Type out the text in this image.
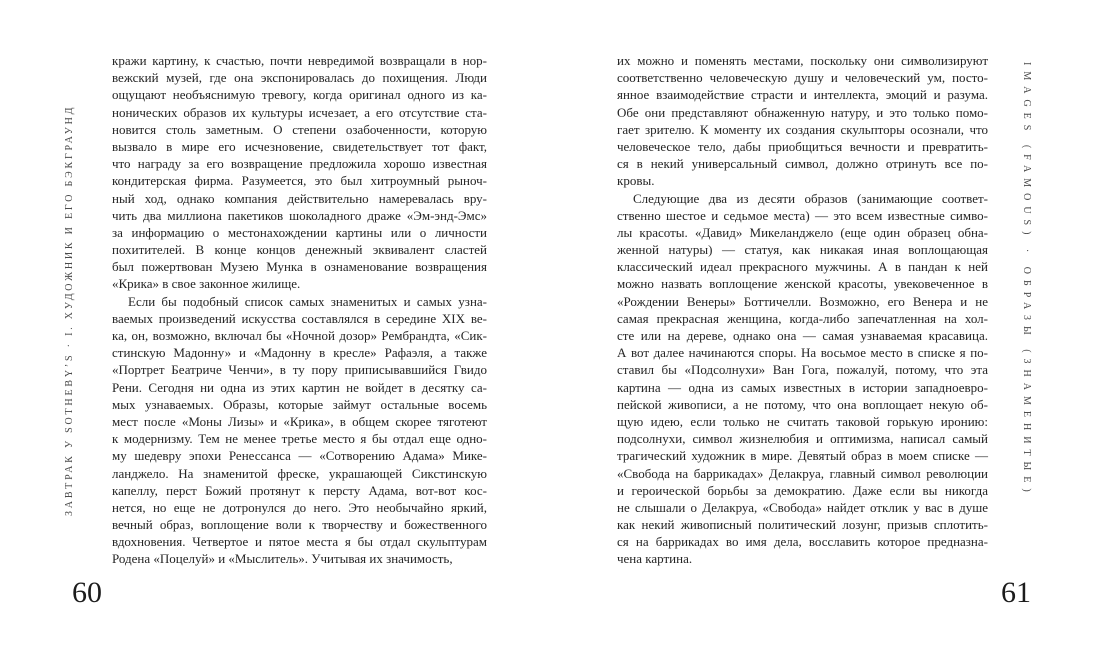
ЗАВТРАК У SOTHEBY’S · I. ХУДОЖНИК И ЕГО БЭКГРАУНД
кражи картину, к счастью, почти невредимой возвращали в нор-
вежский музей, где она экспонировалась до похищения. Люди
ощущают необъяснимую тревогу, когда оригинал одного из ка-
нонических образов их культуры исчезает, а его отсутствие ста-
новится столь заметным. О степени озабоченности, которую
вызвало в мире его исчезновение, свидетельствует тот факт,
что награду за его возвращение предложила хорошо известная
кондитерская фирма. Разумеется, это был хитроумный рыноч-
ный ход, однако компания действительно намеревалась вру-
чить два миллиона пакетиков шоколадного драже «Эм-энд-Эмс»
за информацию о местонахождении картины или о личности
похитителей. В конце концов денежный эквивалент сластей
был пожертвован Музею Мунка в ознаменование возвращения
«Крика» в свое законное жилище.
Если бы подобный список самых знаменитых и самых узна-
ваемых произведений искусства составлялся в середине XIX ве-
ка, он, возможно, включал бы «Ночной дозор» Рембрандта, «Сик-
стинскую Мадонну» и «Мадонну в кресле» Рафаэля, а также
«Портрет Беатриче Ченчи», в ту пору приписывавшийся Гвидо
Рени. Сегодня ни одна из этих картин не войдет в десятку са-
мых узнаваемых. Образы, которые займут остальные восемь
мест после «Моны Лизы» и «Крика», в общем скорее тяготеют
к модернизму. Тем не менее третье место я бы отдал еще одно-
му шедевру эпохи Ренессанса — «Сотворению Адама» Мике-
ланджело. На знаменитой фреске, украшающей Сикстинскую
капеллу, перст Божий протянут к персту Адама, вот-вот кос-
нется, но еще не дотронулся до него. Это необычайно яркий,
вечный образ, воплощение воли к творчеству и божественного
вдохновения. Четвертое и пятое места я бы отдал скульптурам
Родена «Поцелуй» и «Мыслитель». Учитывая их значимость,
60
IMAGES (FAMOUS) · ОБРАЗЫ (ЗНАМЕНИТЫЕ)
их можно и поменять местами, поскольку они символизируют
соответственно человеческую душу и человеческий ум, посто-
янное взаимодействие страсти и интеллекта, эмоций и разума.
Обе они представляют обнаженную натуру, и это только помо-
гает зрителю. К моменту их создания скульпторы осознали, что
человеческое тело, дабы приобщиться вечности и превратить-
ся в некий универсальный символ, должно отринуть все по-
кровы.
Следующие два из десяти образов (занимающие соответ-
ственно шестое и седьмое места) — это всем известные симво-
лы красоты. «Давид» Микеланджело (еще один образец обна-
женной натуры) — статуя, как никакая иная воплощающая
классический идеал прекрасного мужчины. А в пандан к ней
можно назвать воплощение женской красоты, увековеченное в
«Рождении Венеры» Боттичелли. Возможно, его Венера и не
самая прекрасная женщина, когда-либо запечатленная на хол-
сте или на дереве, однако она — самая узнаваемая красавица.
А вот далее начинаются споры. На восьмое место в списке я по-
ставил бы «Подсолнухи» Ван Гога, пожалуй, потому, что эта
картина — одна из самых известных в истории западноевро-
пейской живописи, а не потому, что она воплощает некую об-
щую идею, если только не считать таковой горькую иронию:
подсолнухи, символ жизнелюбия и оптимизма, написал самый
трагический художник в мире. Девятый образ в моем списке —
«Свобода на баррикадах» Делакруа, главный символ революции
и героической борьбы за демократию. Даже если вы никогда
не слышали о Делакруа, «Свобода» найдет отклик у вас в душе
как некий живописный политический лозунг, призыв сплотить-
ся на баррикадах во имя дела, восславить которое предназна-
чена картина.
61
